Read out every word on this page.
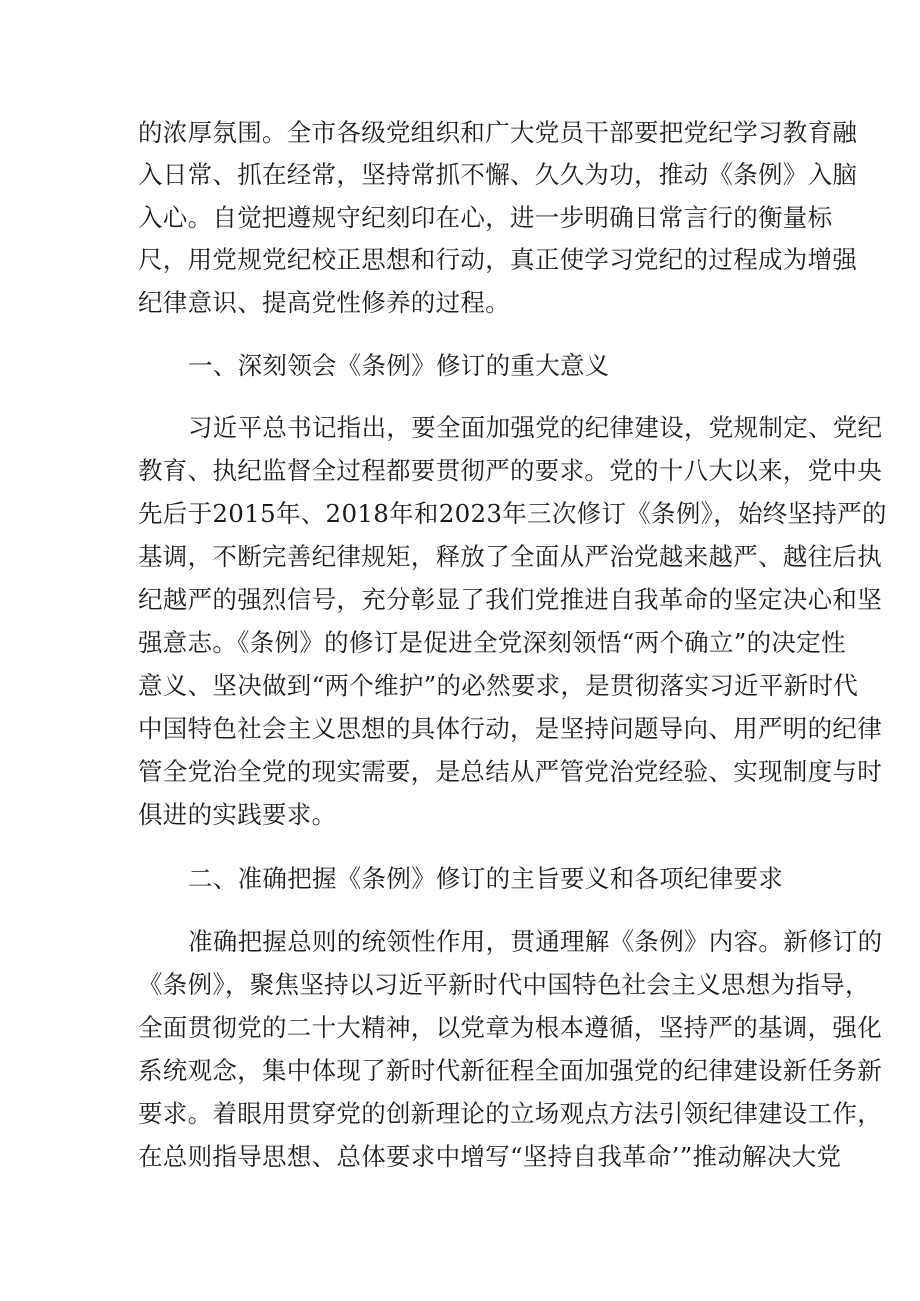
的浓厚氛围。全市各级党组织和广大党员干部要把党纪学习教育融
入日常、抓在经常，坚持常抓不懈、久久为功，推动《条例》入脑
入心。自觉把遵规守纪刻印在心，进一步明确日常言行的衡量标
尺，用党规党纪校正思想和行动，真正使学习党纪的过程成为增强
纪律意识、提高党性修养的过程。
一、深刻领会《条例》修订的重大意义
习近平总书记指出，要全面加强党的纪律建设，党规制定、党纪
教育、执纪监督全过程都要贯彻严的要求。党的十八大以来，党中央
先后于2015年、2018年和2023年三次修订《条例》，始终坚持严的
基调，不断完善纪律规矩，释放了全面从严治党越来越严、越往后执
纪越严的强烈信号，充分彰显了我们党推进自我革命的坚定决心和坚
强意志。《条例》的修订是促进全党深刻领悟“两个确立”的决定性
意义、坚决做到“两个维护”的必然要求，是贯彻落实习近平新时代
中国特色社会主义思想的具体行动，是坚持问题导向、用严明的纪律
管全党治全党的现实需要，是总结从严管党治党经验、实现制度与时
俱进的实践要求。
二、准确把握《条例》修订的主旨要义和各项纪律要求
准确把握总则的统领性作用，贯通理解《条例》内容。新修订的
《条例》，聚焦坚持以习近平新时代中国特色社会主义思想为指导，
全面贯彻党的二十大精神，以党章为根本遵循，坚持严的基调，强化
系统观念，集中体现了新时代新征程全面加强党的纪律建设新任务新
要求。着眼用贯穿党的创新理论的立场观点方法引领纪律建设工作，
在总则指导思想、总体要求中增写“坚持自我革命’”推动解决大党
